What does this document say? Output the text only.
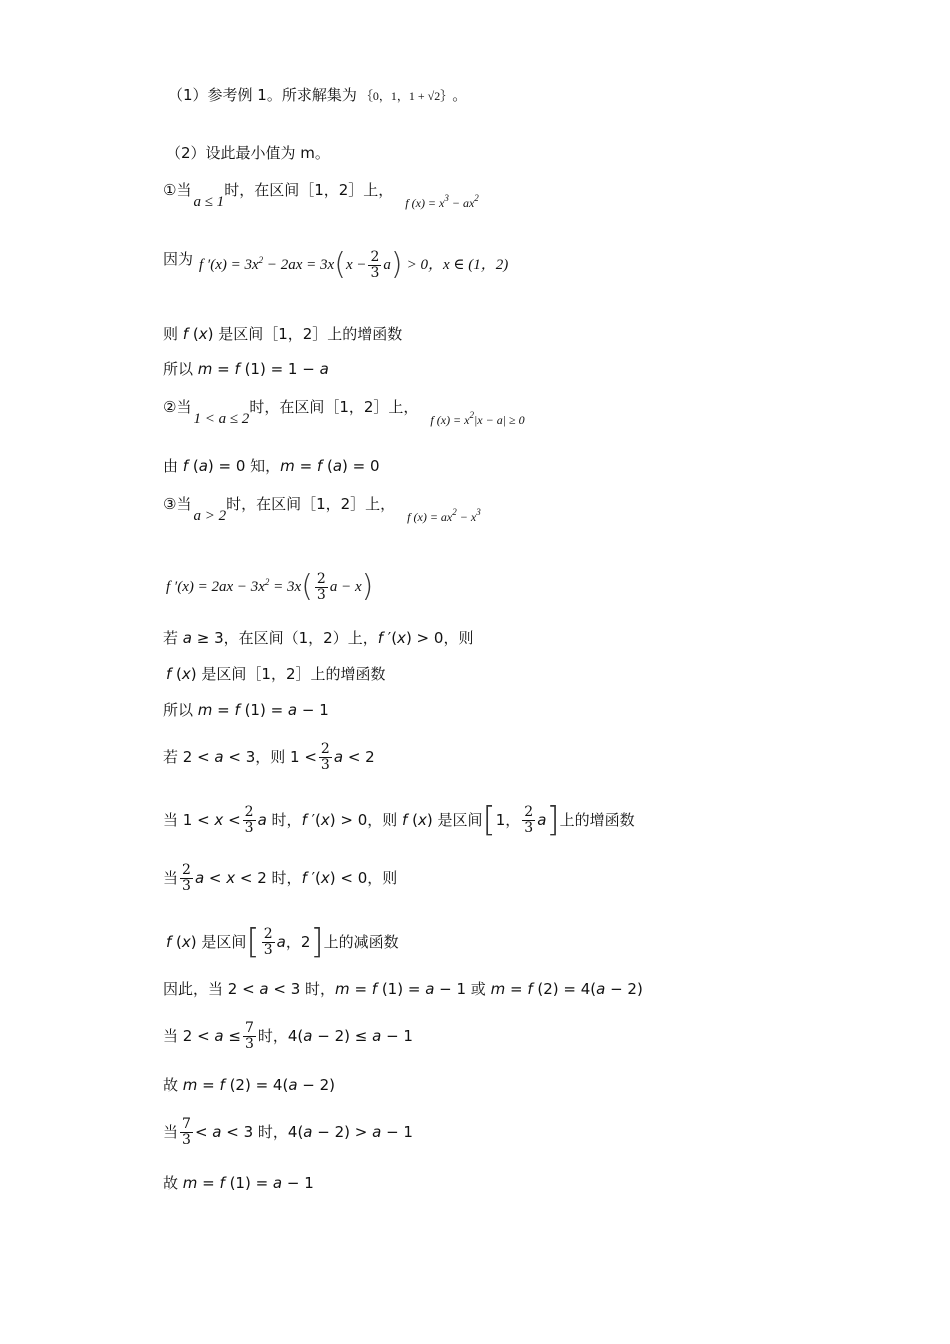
（1）参考例 1。所求解集为 ｛0，1，1 + √2｝ 。
（2）设此最小值为 m。
①当
a ≤ 1
时，在区间［1，2］上，
f $(x) = x^3 - ax^2$
因为 f $'(x) = 3x^2 - 2ax = 3x$ ( $x - \frac{2}{3}$ a ) > 0，x ∈ (1，2)
则 f (x) 是区间［1，2］上的增函数
所以 m = f (1) = 1 − a
②当
1 < a ≤ 2
时，在区间［1，2］上，
f $(x) = x^2|x - a| \ge 0$
由 f (a) = 0 知，m = f (a) = 0
③当
a > 2
时，在区间［1，2］上，
f $(x) = ax^2 - x^3$
f $'(x) = 2ax - 3x^2 = 3x$ ( $\frac{2}{3}$ a − x )
若 a ≥ 3，在区间（1，2）上，f ′(x) > 0，则
f (x) 是区间［1，2］上的增函数
所以 m = f (1) = a − 1
若 2 < a < 3，则 $1 < \frac{2}{3}$ a < 2
当 $1 < x < \frac{2}{3}$ a 时，f ′(x) > 0，则 f (x) 是区间 [ 1， $\frac{2}{3}$ a ] 上的增函数
当 $\frac{2}{3}$ a < x < 2 时，f ′(x) < 0，则
f (x) 是区间 [ $\frac{2}{3}$ a，2 ] 上的减函数
因此，当 2 < a < 3 时，m = f (1) = a − 1 或 m = f (2) = 4(a − 2)
当 $2 < a \le \frac{7}{3}$ 时，4(a − 2) ≤ a − 1
故 m = f (2) = 4(a − 2)
当 $\frac{7}{3} < a < 3$ 时，4(a − 2) > a − 1
故 m = f (1) = a − 1
